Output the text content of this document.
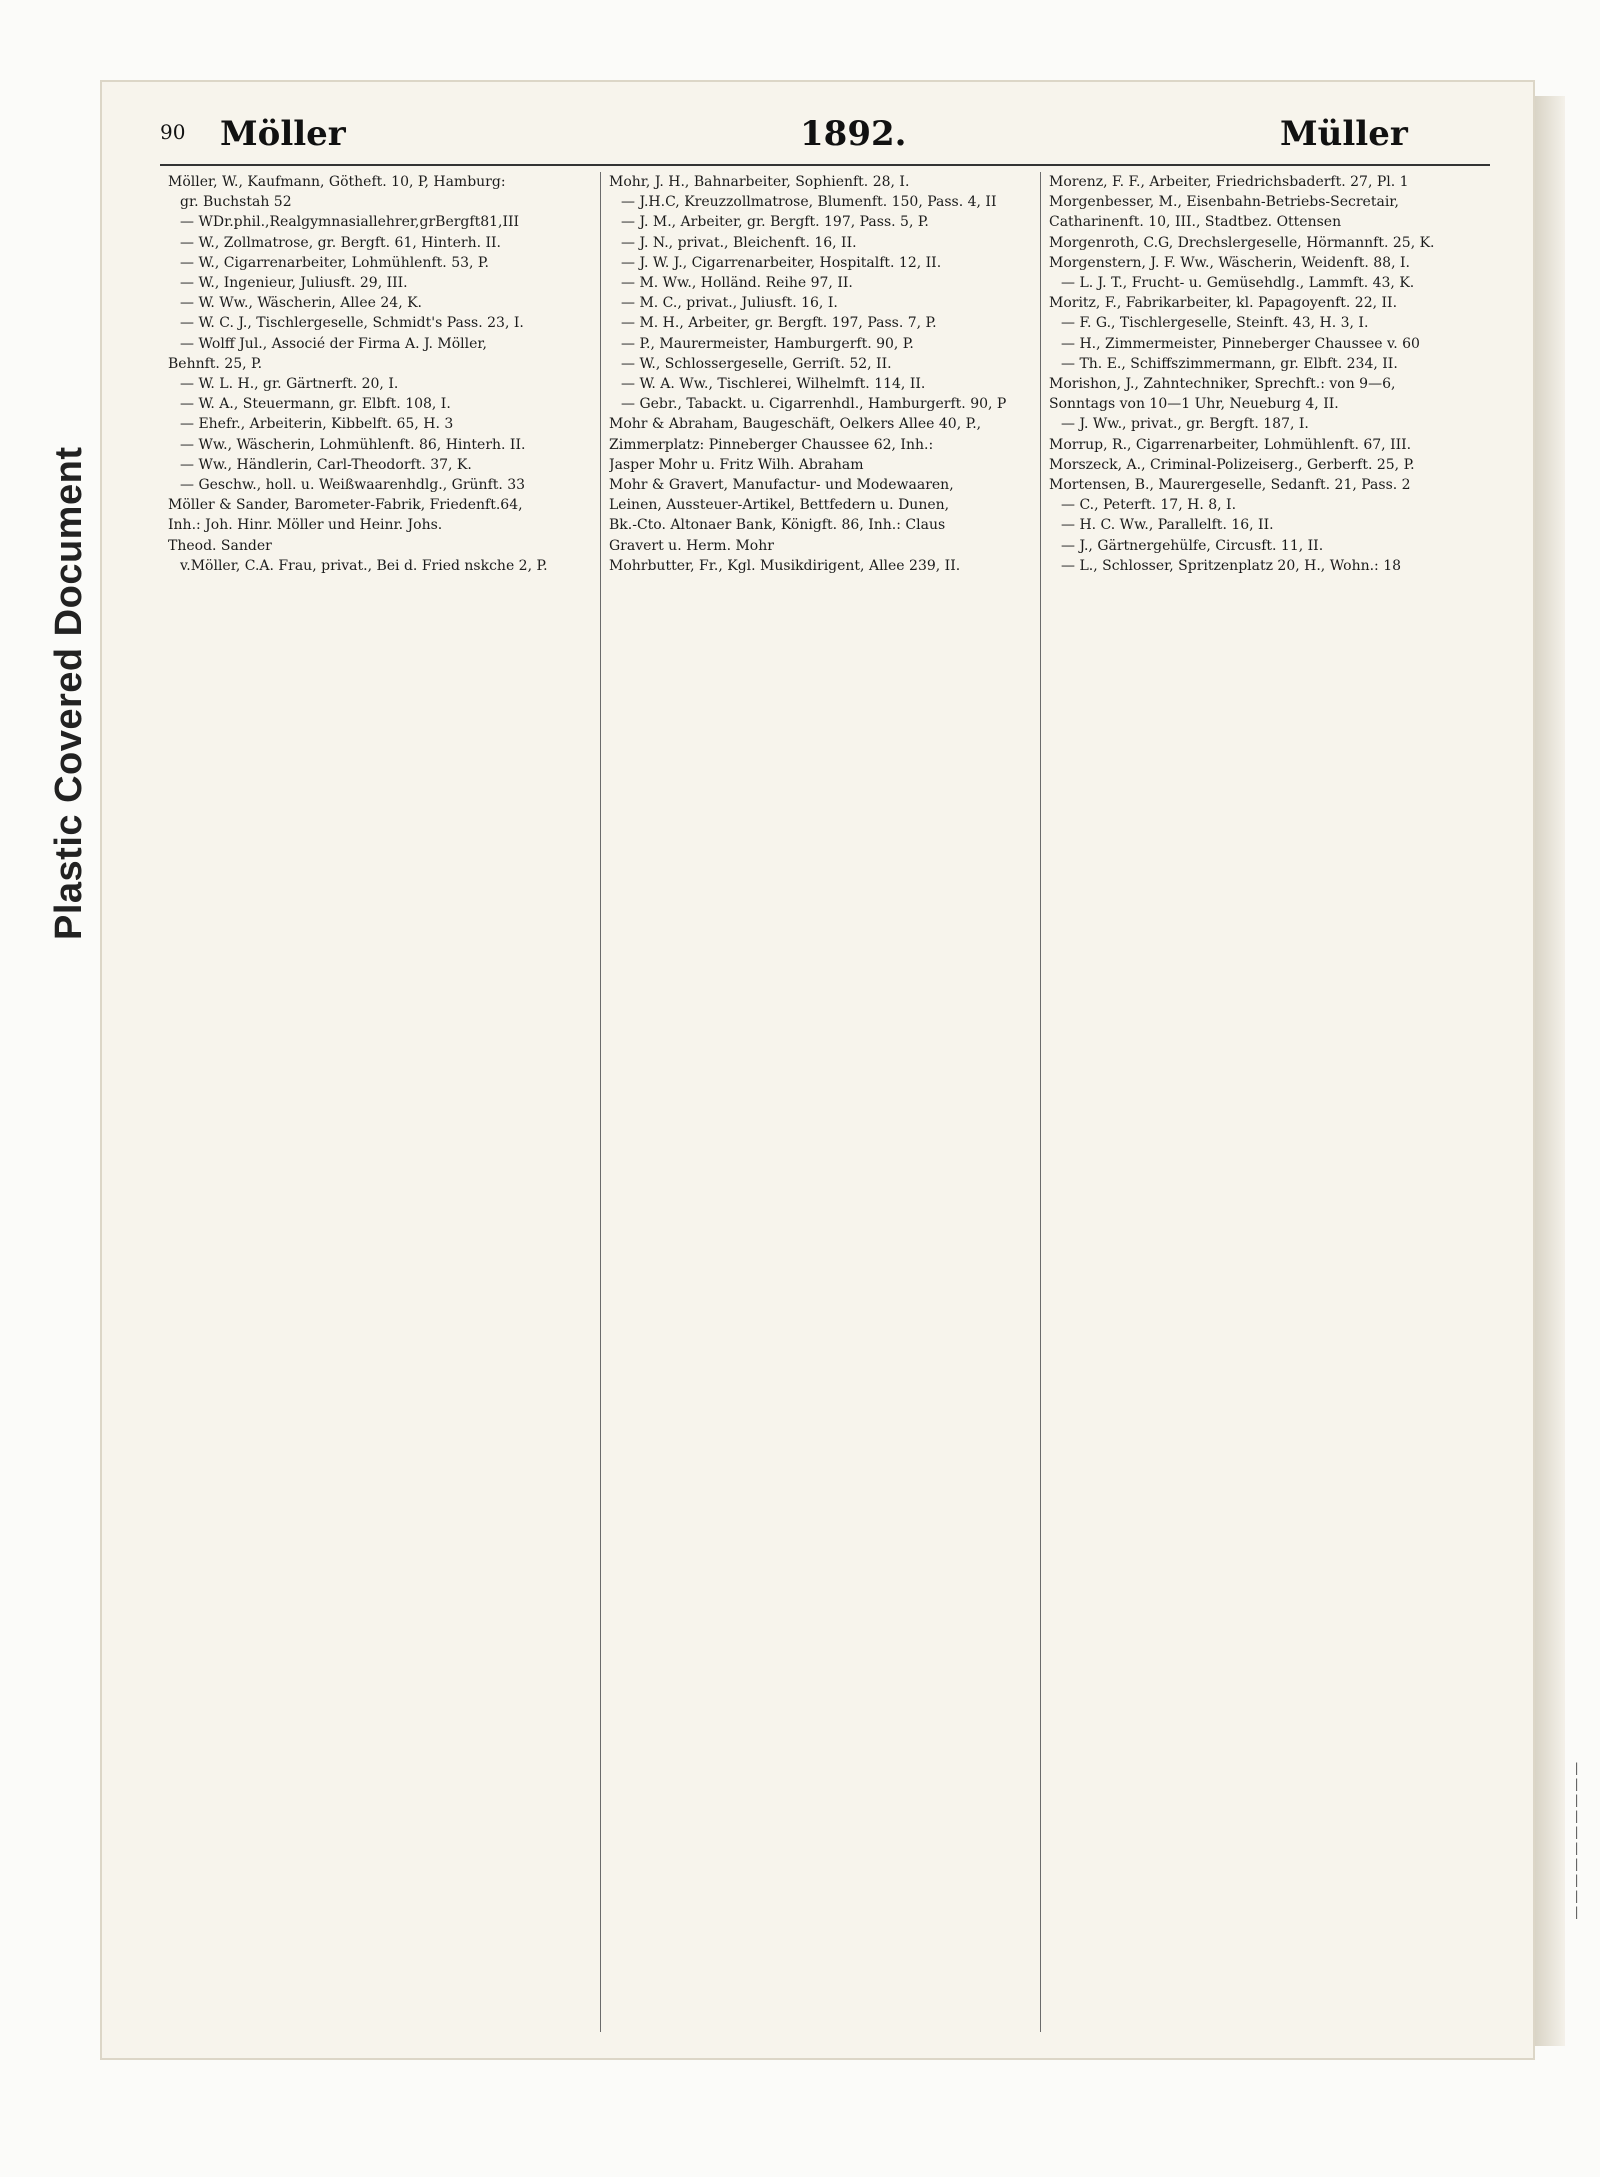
Plastic Covered Document
90 Möller	1892.	Müller
Möller, W., Kaufmann, Götheft. 10, P, Hamburg:
gr. Buchstah 52
— WDr.phil.,Realgymnasiallehrer,grBergft81,III
— W., Zollmatrose, gr. Bergft. 61, Hinterh. II.
— W., Cigarrenarbeiter, Lohmühlenft. 53, P.
— W., Ingenieur, Juliusft. 29, III.
— W. Ww., Wäscherin, Allee 24, K.
— W. C. J., Tischlergeselle, Schmidt's Pass. 23, I.
— Wolff Jul., Associé der Firma A. J. Möller,
Behnft. 25, P.
— W. L. H., gr. Gärtnerft. 20, I.
— W. A., Steuermann, gr. Elbft. 108, I.
— Ehefr., Arbeiterin, Kibbelft. 65, H. 3
— Ww., Wäscherin, Lohmühlenft. 86, Hinterh. II.
— Ww., Händlerin, Carl-Theodorft. 37, K.
— Geschw., holl. u. Weißwaarenhdlg., Grünft. 33
Möller & Sander, Barometer-Fabrik, Friedenft.64,
Inh.: Joh. Hinr. Möller und Heinr. Johs.
Theod. Sander
v.Möller, C.A. Frau, privat., Bei d. Fried nskche 2, P.
Mohr, J. H., Bahnarbeiter, Sophienft. 28, I.
— J.H.C, Kreuzzollmatrose, Blumenft. 150, Pass. 4, II
— J. M., Arbeiter, gr. Bergft. 197, Pass. 5, P.
— J. N., privat., Bleichenft. 16, II.
— J. W. J., Cigarrenarbeiter, Hospitalft. 12, II.
— M. Ww., Holländ. Reihe 97, II.
— M. C., privat., Juliusft. 16, I.
— M. H., Arbeiter, gr. Bergft. 197, Pass. 7, P.
— P., Maurermeister, Hamburgerft. 90, P.
— W., Schlossergeselle, Gerriſt. 52, II.
— W. A. Ww., Tischlerei, Wilhelmft. 114, II.
— Gebr., Tabackt. u. Cigarrenhdl., Hamburgerft. 90, P
Mohr & Abraham, Baugeschäft, Oelkers Allee 40, P.,
Zimmerplatz: Pinneberger Chaussee 62, Inh.:
Jasper Mohr u. Fritz Wilh. Abraham
Mohr & Gravert, Manufactur- und Modewaaren,
Leinen, Aussteuer-Artikel, Bettfedern u. Dunen,
Bk.-Cto. Altonaer Bank, Königft. 86, Inh.: Claus
Gravert u. Herm. Mohr
Mohrbutter, Fr., Kgl. Musikdirigent, Allee 239, II.
Morenz, F. F., Arbeiter, Friedrichsbaderft. 27, Pl. 1
Morgenbesser, M., Eisenbahn-Betriebs-Secretair,
Catharinenft. 10, III., Stadtbez. Ottensen
Morgenroth, C.G, Drechslergeselle, Hörmannft. 25, K.
Morgenstern, J. F. Ww., Wäscherin, Weidenft. 88, I.
— L. J. T., Frucht- u. Gemüsehdlg., Lammft. 43, K.
Moritz, F., Fabrikarbeiter, kl. Papagoyenft. 22, II.
— F. G., Tischlergeselle, Steinft. 43, H. 3, I.
— H., Zimmermeister, Pinneberger Chaussee v. 60
— Th. E., Schiffszimmermann, gr. Elbft. 234, II.
Morishon, J., Zahntechniker, Sprechft.: von 9—6,
Sonntags von 10—1 Uhr, Neueburg 4, II.
— J. Ww., privat., gr. Bergft. 187, I.
Morrup, R., Cigarrenarbeiter, Lohmühlenft. 67, III.
Morszeck, A., Criminal-Polizeiserg., Gerberft. 25, P.
Mortensen, B., Maurergeselle, Sedanft. 21, Pass. 2
— C., Peterft. 17, H. 8, I.
— H. C. Ww., Parallelft. 16, II.
— J., Gärtnergehülfe, Circusft. 11, II.
— L., Schlosser, Spritzenplatz 20, H., Wohn.: 18
|
|
|
|
|
|
|
|
|
|
